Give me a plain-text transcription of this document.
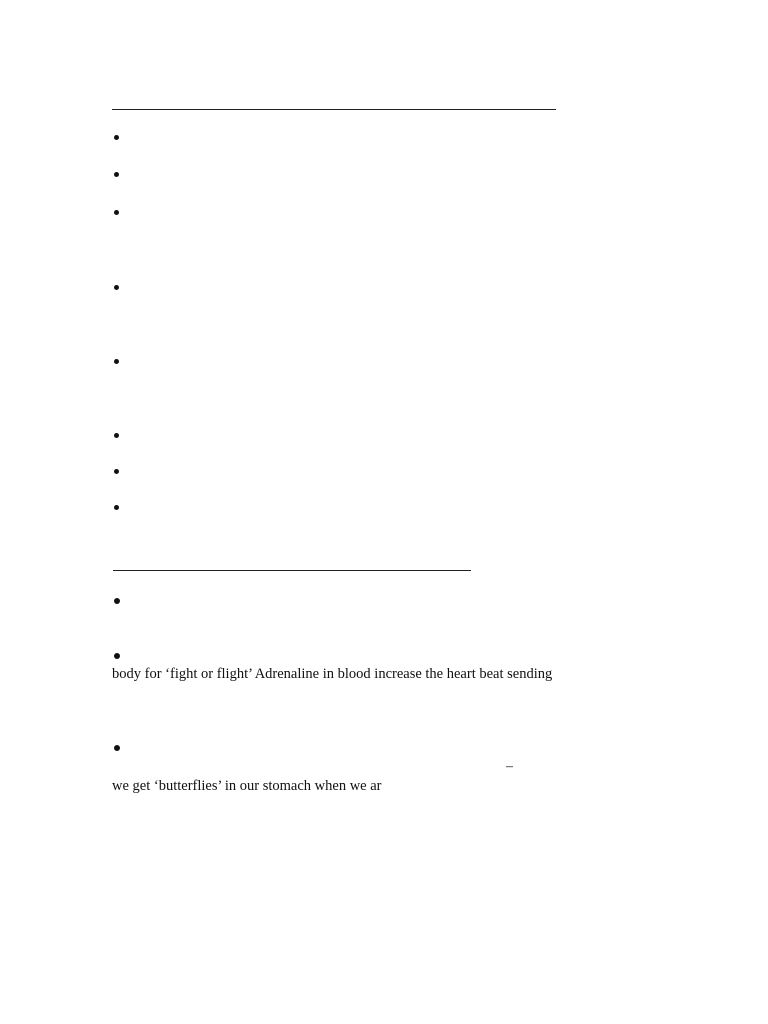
body for ‘fight or flight’ Adrenaline in blood increase the heart beat sending
–
we get ‘butterflies’ in our stomach when we ar
